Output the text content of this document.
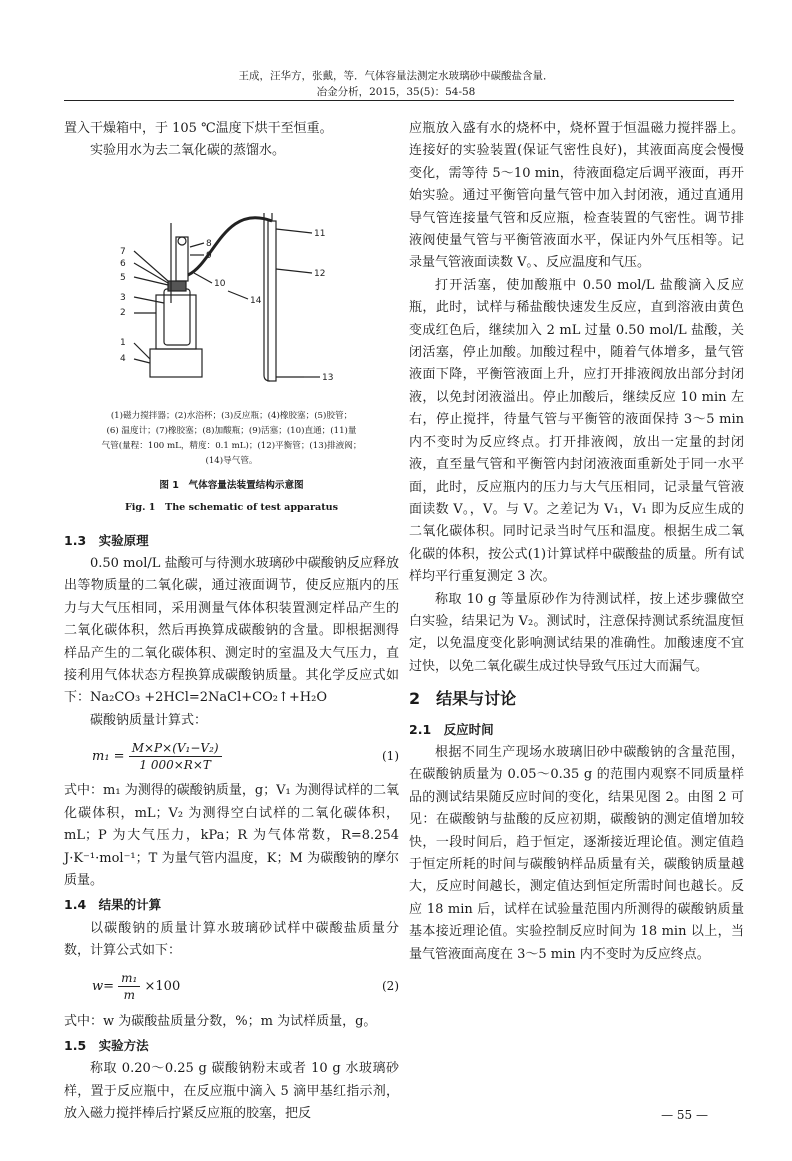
王成，汪华方，张戴，等．气体容量法测定水玻璃砂中碳酸盐含量．
冶金分析，2015，35(5)：54-58

置入干燥箱中，于 105 ℃温度下烘干至恒重。

实验用水为去二氧化碳的蒸馏水。

1
2
3
4
5
6
7
8
9
10
11
12
13
14
(1)磁力搅拌器；(2)水浴杯；(3)反应瓶；(4)橡胶塞；(5)胶管；
(6) 温度计；(7)橡胶塞；(8)加酸瓶；(9)活塞；(10)直通；(11)量
气管(量程：100 mL，精度：0.1 mL)；(12)平衡管；(13)排液阀；
(14)导气管。
图 1　气体容量法装置结构示意图
Fig. 1　The schematic of test apparatus
1.3　实验原理

0.50 mol/L 盐酸可与待测水玻璃砂中碳酸钠反应释放出等物质量的二氧化碳，通过液面调节，使反应瓶内的压力与大气压相同，采用测量气体体积装置测定样品产生的二氧化碳体积，然后再换算成碳酸钠的含量。即根据测得样品产生的二氧化碳体积、测定时的室温及大气压力，直接利用气体状态方程换算成碳酸钠质量。其化学反应式如下：Na₂CO₃ +2HCl=2NaCl+CO₂↑+H₂O

碳酸钠质量计算式：

$m_1 = \frac{\text{M×P×(V₁−V₂)}}{1 000\times R\times T}$	(1)

式中：m₁ 为测得的碳酸钠质量，g；V₁ 为测得试样的二氧化碳体积，mL；V₂ 为测得空白试样的二氧化碳体积，mL；P 为大气压力，kPa；R 为气体常数，R=8.254 J·K⁻¹·mol⁻¹；T 为量气管内温度，K；M 为碳酸钠的摩尔质量。

1.4　结果的计算

以碳酸钠的质量计算水玻璃砂试样中碳酸盐质量分数，计算公式如下：

$w= \frac{\text{m₁}}{m} \times 100$	(2)

式中：w 为碳酸盐质量分数，%；m 为试样质量，g。

1.5　实验方法

称取 0.20～0.25 g 碳酸钠粉末或者 10 g 水玻璃砂样，置于反应瓶中，在反应瓶中滴入 5 滴甲基红指示剂，放入磁力搅拌棒后拧紧反应瓶的胶塞，把反

应瓶放入盛有水的烧杯中，烧杯置于恒温磁力搅拌器上。连接好的实验装置(保证气密性良好)，其液面高度会慢慢变化，需等待 5～10 min，待液面稳定后调平液面，再开始实验。通过平衡管向量气管中加入封闭液，通过直通用导气管连接量气管和反应瓶，检查装置的气密性。调节排液阀使量气管与平衡管液面水平，保证内外气压相等。记录量气管液面读数 V。、反应温度和气压。

打开活塞，使加酸瓶中 0.50 mol/L 盐酸滴入反应瓶，此时，试样与稀盐酸快速发生反应，直到溶液由黄色变成红色后，继续加入 2 mL 过量 0.50 mol/L 盐酸，关闭活塞，停止加酸。加酸过程中，随着气体增多，量气管液面下降，平衡管液面上升，应打开排液阀放出部分封闭液，以免封闭液溢出。停止加酸后，继续反应 10 min 左右，停止搅拌，待量气管与平衡管的液面保持 3～5 min 内不变时为反应终点。打开排液阀，放出一定量的封闭液，直至量气管和平衡管内封闭液液面重新处于同一水平面，此时，反应瓶内的压力与大气压相同，记录量气管液面读数 V。，V。与 V。之差记为 V₁，V₁ 即为反应生成的二氧化碳体积。同时记录当时气压和温度。根据生成二氧化碳的体积，按公式(1)计算试样中碳酸盐的质量。所有试样均平行重复测定 3 次。

称取 10 g 等量原砂作为待测试样，按上述步骤做空白实验，结果记为 V₂。测试时，注意保持测试系统温度恒定，以免温度变化影响测试结果的准确性。加酸速度不宜过快，以免二氧化碳生成过快导致气压过大而漏气。

2　结果与讨论
2.1　反应时间

根据不同生产现场水玻璃旧砂中碳酸钠的含量范围，在碳酸钠质量为 0.05～0.35 g 的范围内观察不同质量样品的测试结果随反应时间的变化，结果见图 2。由图 2 可见：在碳酸钠与盐酸的反应初期，碳酸钠的测定值增加较快，一段时间后，趋于恒定，逐渐接近理论值。测定值趋于恒定所耗的时间与碳酸钠样品质量有关，碳酸钠质量越大，反应时间越长，测定值达到恒定所需时间也越长。反应 18 min 后，试样在试验量范围内所测得的碳酸钠质量基本接近理论值。实验控制反应时间为 18 min 以上，当量气管液面高度在 3～5 min 内不变时为反应终点。

— 55 —
